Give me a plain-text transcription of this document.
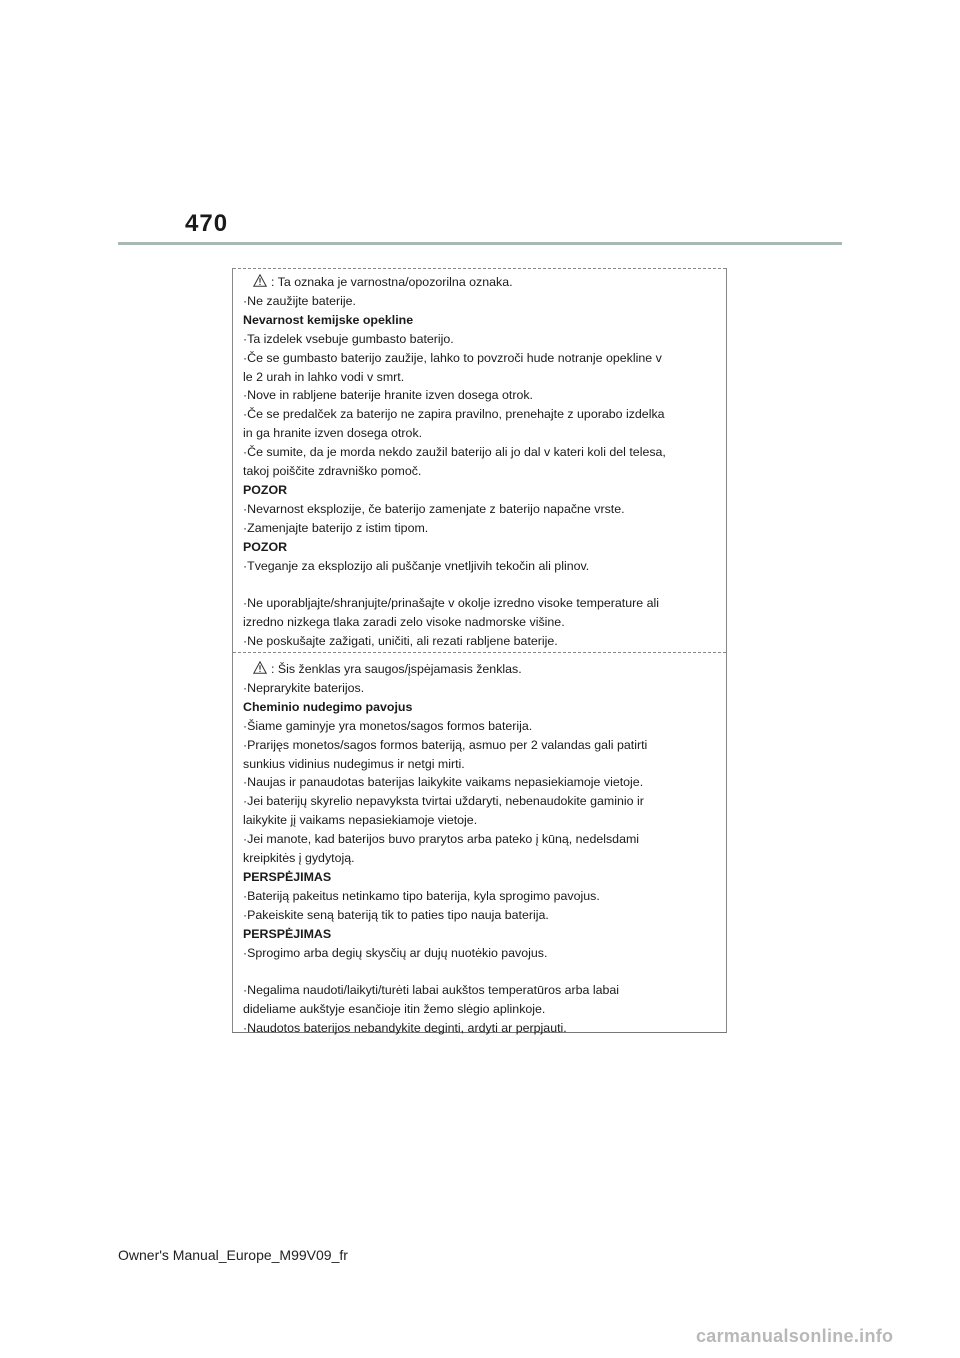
470
: Ta oznaka je varnostna/opozorilna oznaka.
·Ne zaužijte baterije.
Nevarnost kemijske opekline
·Ta izdelek vsebuje gumbasto baterijo.
·Če se gumbasto baterijo zaužije, lahko to povzroči hude notranje opekline v
le 2 urah in lahko vodi v smrt.
·Nove in rabljene baterije hranite izven dosega otrok.
·Če se predalček za baterijo ne zapira pravilno, prenehajte z uporabo izdelka
in ga hranite izven dosega otrok.
·Če sumite, da je morda nekdo zaužil baterijo ali jo dal v kateri koli del telesa,
takoj poiščite zdravniško pomoč.
POZOR
·Nevarnost eksplozije, če baterijo zamenjate z baterijo napačne vrste.
·Zamenjajte baterijo z istim tipom.
POZOR
·Tveganje za eksplozijo ali puščanje vnetljivih tekočin ali plinov.
·Ne uporabljajte/shranjujte/prinašajte v okolje izredno visoke temperature ali
izredno nizkega tlaka zaradi zelo visoke nadmorske višine.
·Ne poskušajte zažigati, uničiti, ali rezati rabljene baterije.
: Šis ženklas yra saugos/įspėjamasis ženklas.
·Neprarykite baterijos.
Cheminio nudegimo pavojus
·Šiame gaminyje yra monetos/sagos formos baterija.
·Prarijęs monetos/sagos formos bateriją, asmuo per 2 valandas gali patirti
sunkius vidinius nudegimus ir netgi mirti.
·Naujas ir panaudotas baterijas laikykite vaikams nepasiekiamoje vietoje.
·Jei baterijų skyrelio nepavyksta tvirtai uždaryti, nebenaudokite gaminio ir
laikykite jį vaikams nepasiekiamoje vietoje.
·Jei manote, kad baterijos buvo prarytos arba pateko į kūną, nedelsdami
kreipkitės į gydytoją.
PERSPĖJIMAS
·Bateriją pakeitus netinkamo tipo baterija, kyla sprogimo pavojus.
·Pakeiskite seną bateriją tik to paties tipo nauja baterija.
PERSPĖJIMAS
·Sprogimo arba degių skysčių ar dujų nuotėkio pavojus.
·Negalima naudoti/laikyti/turėti labai aukštos temperatūros arba labai
dideliame aukštyje esančioje itin žemo slėgio aplinkoje.
·Naudotos baterijos nebandykite deginti, ardyti ar perpjauti.
Owner's Manual_Europe_M99V09_fr
carmanualsonline.info
